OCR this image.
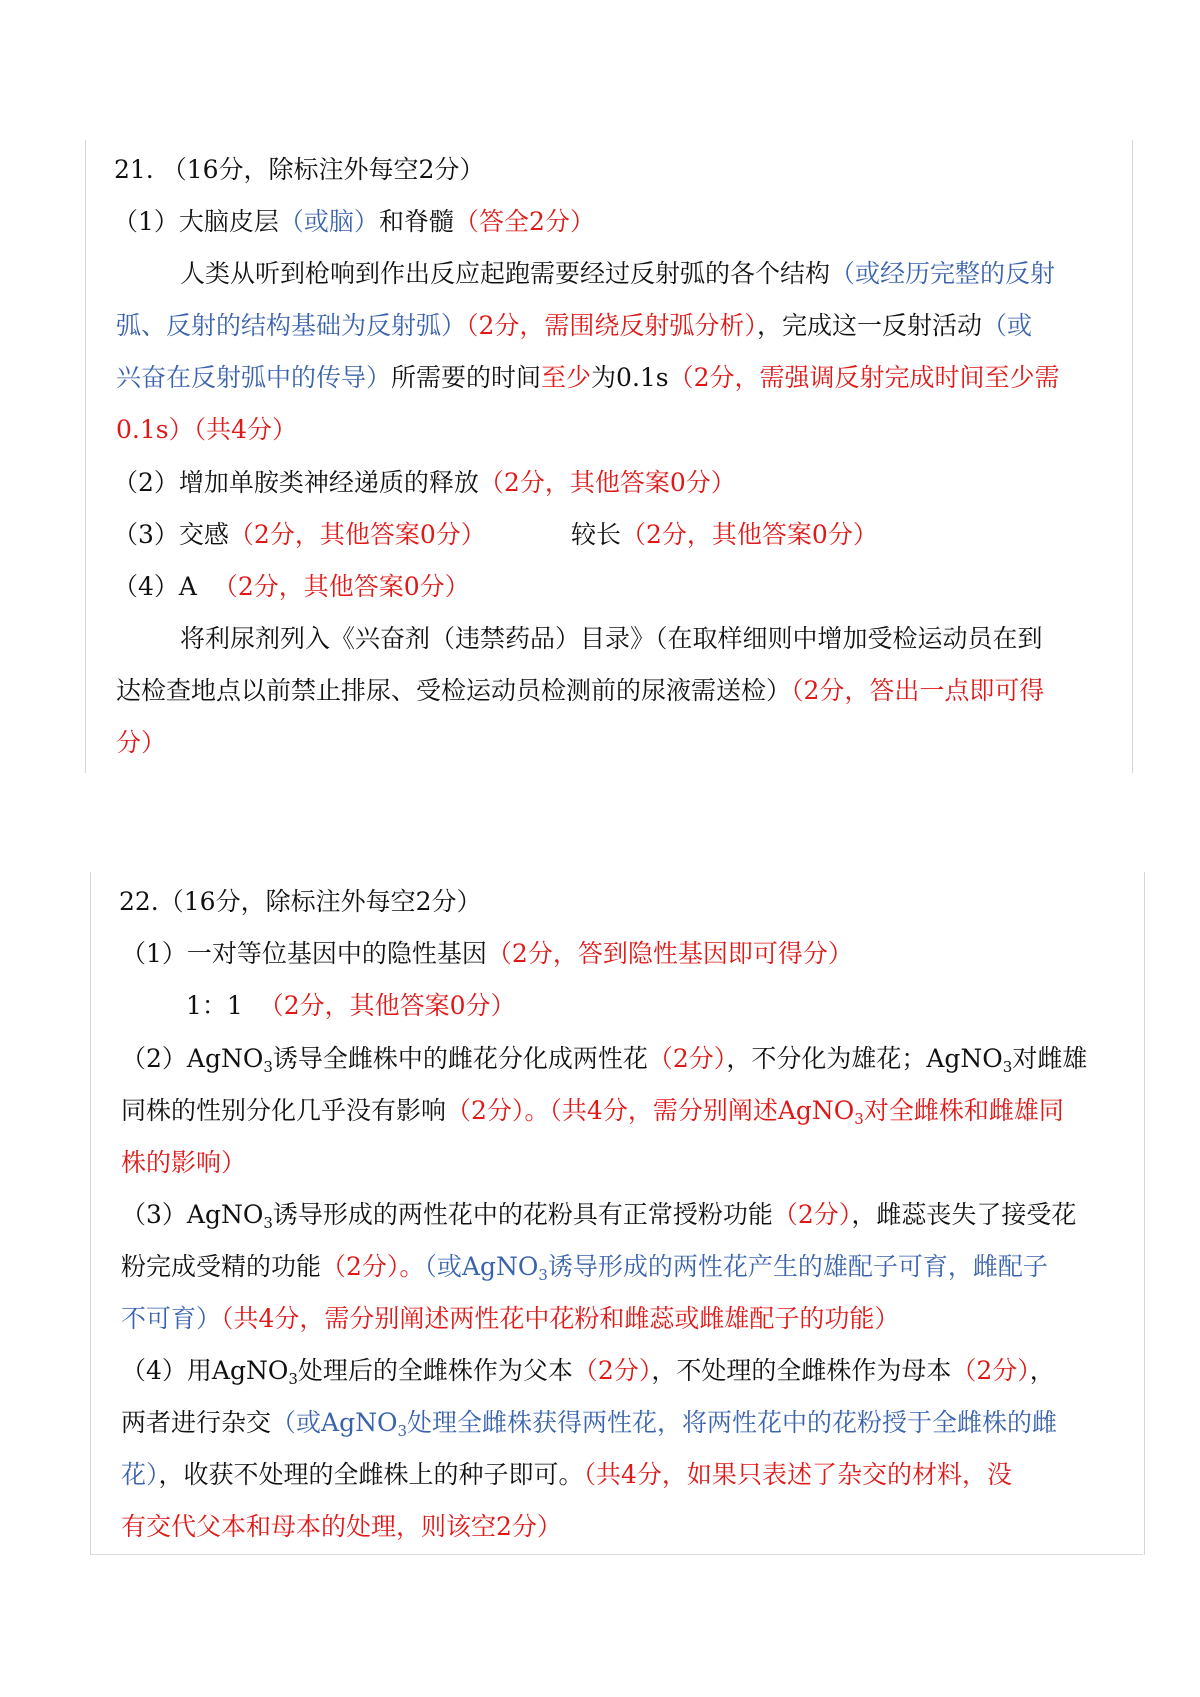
21. （16分，除标注外每空2分）
（1）大脑皮层（或脑）和脊髓（答全2分）
人类从听到枪响到作出反应起跑需要经过反射弧的各个结构（或经历完整的反射
弧、反射的结构基础为反射弧）（2分，需围绕反射弧分析），完成这一反射活动（或
兴奋在反射弧中的传导）所需要的时间至少为0.1s（2分，需强调反射完成时间至少需
0.1s）（共4分）
（2）增加单胺类神经递质的释放（2分，其他答案0分）
（3）交感（2分，其他答案0分）	较长（2分，其他答案0分）
（4）A （2分，其他答案0分）
将利尿剂列入《兴奋剂（违禁药品）目录》（在取样细则中增加受检运动员在到
达检查地点以前禁止排尿、受检运动员检测前的尿液需送检）（2分，答出一点即可得
分）
22.（16分，除标注外每空2分）
（1）一对等位基因中的隐性基因（2分，答到隐性基因即可得分）
1：1 （2分，其他答案0分）
（2）AgNO$_3$诱导全雌株中的雌花分化成两性花（2分），不分化为雄花；AgNO$_3$对雌雄
同株的性别分化几乎没有影响（2分）。（共4分，需分别阐述AgNO$_3$对全雌株和雌雄同
株的影响）
（3）AgNO$_3$诱导形成的两性花中的花粉具有正常授粉功能（2分），雌蕊丧失了接受花
粉完成受精的功能（2分）。（或AgNO$_3$诱导形成的两性花产生的雄配子可育，雌配子
不可育）（共4分，需分别阐述两性花中花粉和雌蕊或雌雄配子的功能）
（4）用AgNO$_3$处理后的全雌株作为父本（2分），不处理的全雌株作为母本（2分），
两者进行杂交（或AgNO$_3$处理全雌株获得两性花，将两性花中的花粉授于全雌株的雌
花），收获不处理的全雌株上的种子即可。（共4分，如果只表述了杂交的材料，没
有交代父本和母本的处理，则该空2分）
